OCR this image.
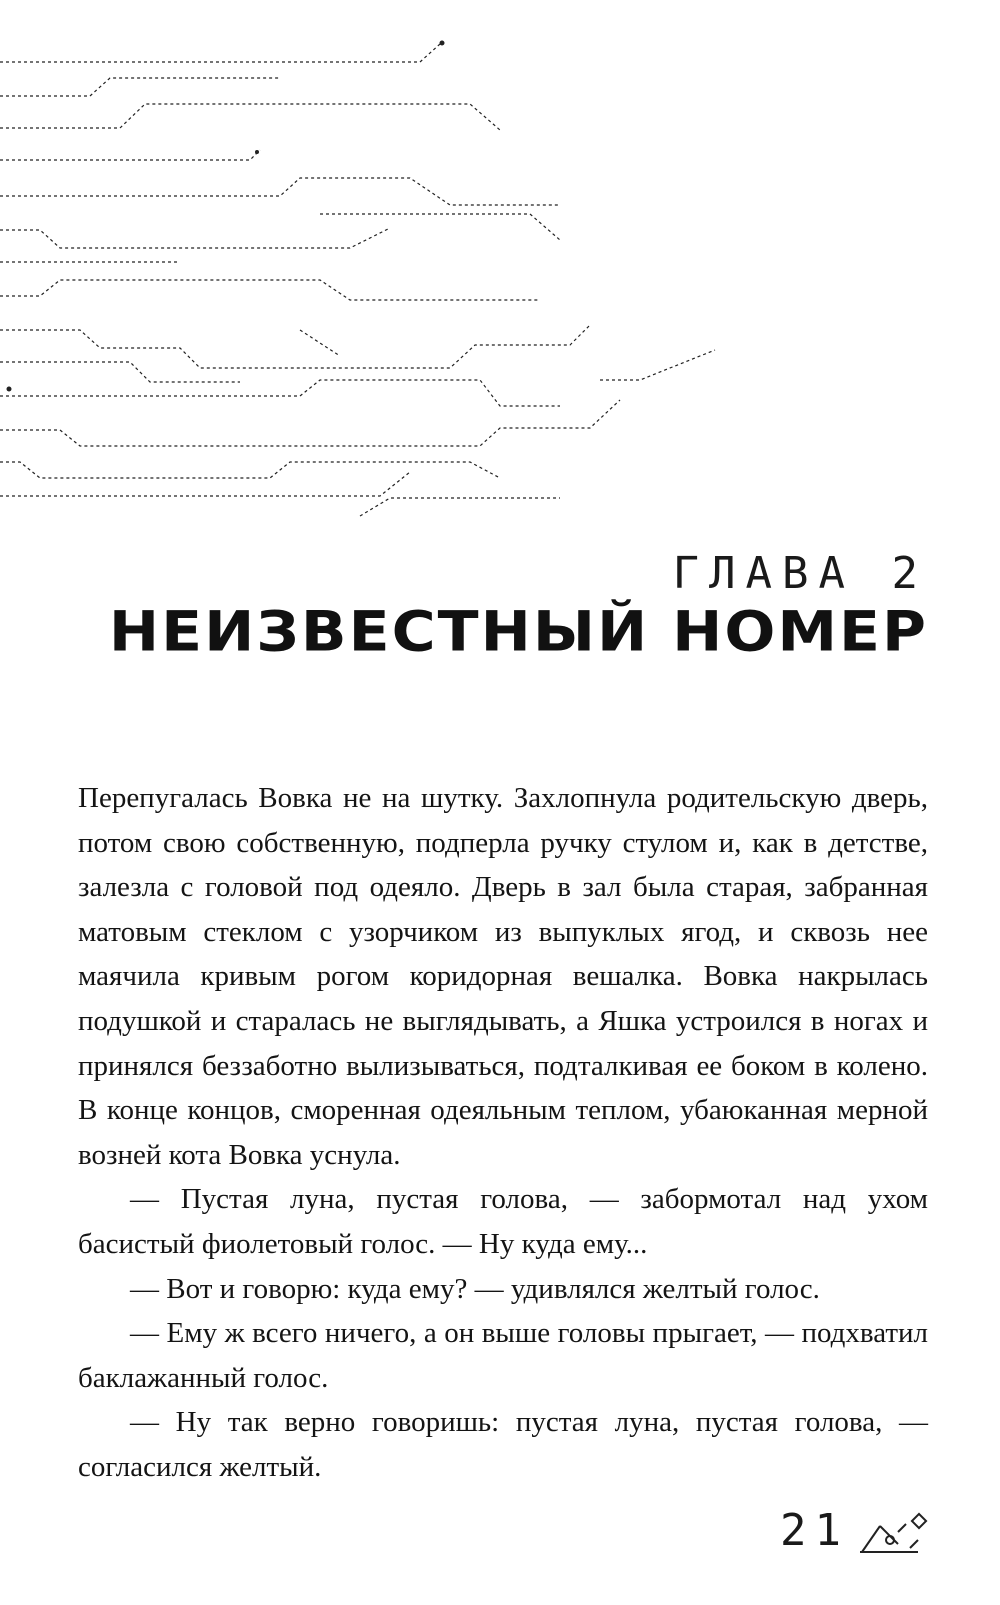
ГЛАВА 2
НЕИЗВЕСТНЫЙ НОМЕР

Перепугалась Вовка не на шутку. Захлопнула родительскую дверь, потом свою собственную, подперла ручку стулом и, как в детстве, залезла с головой под одеяло. Дверь в зал была старая, забранная матовым стеклом с узорчиком из выпуклых ягод, и сквозь нее маячила кривым рогом коридорная вешалка. Вовка накрылась подушкой и старалась не выглядывать, а Яшка устроился в ногах и принялся беззаботно вылизываться, подталкивая ее боком в колено. В конце концов, сморенная одеяльным теплом, убаюканная мерной возней кота Вовка уснула.

— Пустая луна, пустая голова, — забормотал над ухом басистый фиолетовый голос. — Ну куда ему...

— Вот и говорю: куда ему? — удивлялся желтый голос.

— Ему ж всего ничего, а он выше головы прыгает, — подхватил баклажанный голос.

— Ну так верно говоришь: пустая луна, пустая голова, — согласился желтый.

21
